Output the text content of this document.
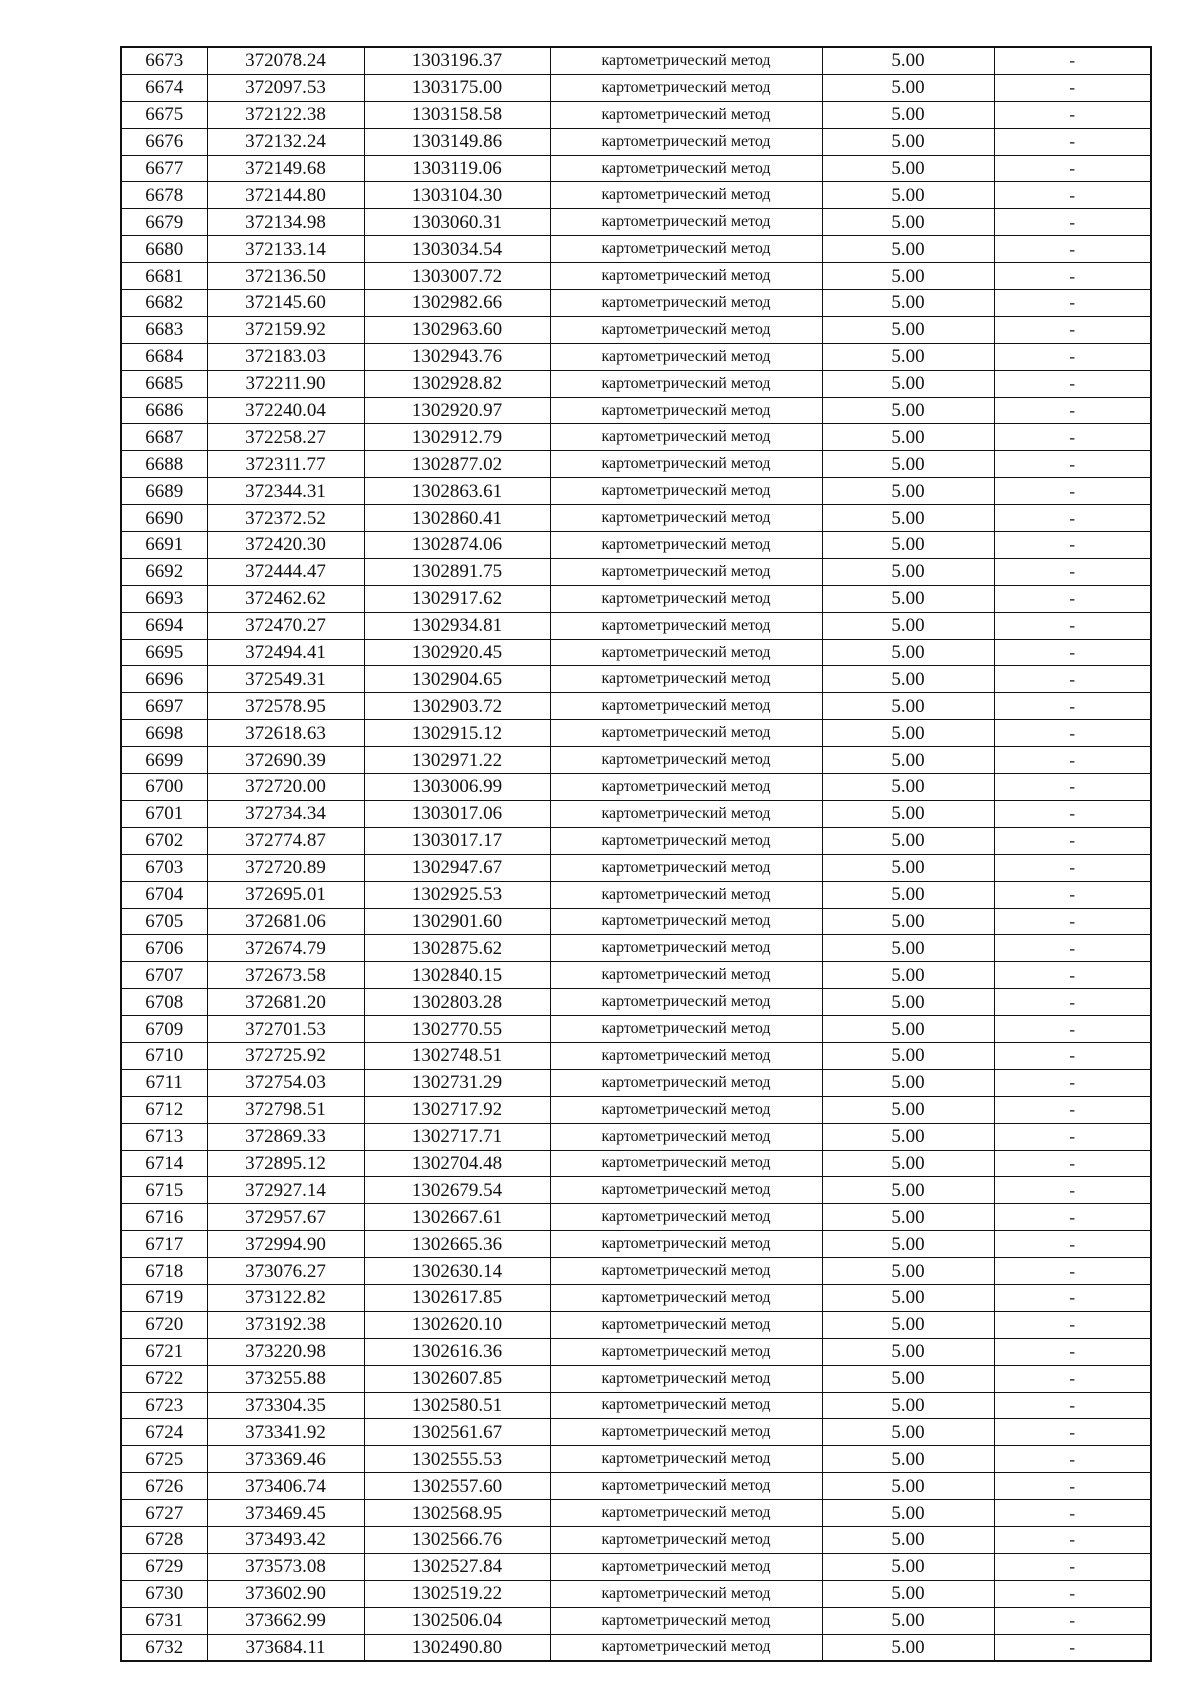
6673	372078.24	1303196.37	картометрический метод	5.00	-
6674	372097.53	1303175.00	картометрический метод	5.00	-
6675	372122.38	1303158.58	картометрический метод	5.00	-
6676	372132.24	1303149.86	картометрический метод	5.00	-
6677	372149.68	1303119.06	картометрический метод	5.00	-
6678	372144.80	1303104.30	картометрический метод	5.00	-
6679	372134.98	1303060.31	картометрический метод	5.00	-
6680	372133.14	1303034.54	картометрический метод	5.00	-
6681	372136.50	1303007.72	картометрический метод	5.00	-
6682	372145.60	1302982.66	картометрический метод	5.00	-
6683	372159.92	1302963.60	картометрический метод	5.00	-
6684	372183.03	1302943.76	картометрический метод	5.00	-
6685	372211.90	1302928.82	картометрический метод	5.00	-
6686	372240.04	1302920.97	картометрический метод	5.00	-
6687	372258.27	1302912.79	картометрический метод	5.00	-
6688	372311.77	1302877.02	картометрический метод	5.00	-
6689	372344.31	1302863.61	картометрический метод	5.00	-
6690	372372.52	1302860.41	картометрический метод	5.00	-
6691	372420.30	1302874.06	картометрический метод	5.00	-
6692	372444.47	1302891.75	картометрический метод	5.00	-
6693	372462.62	1302917.62	картометрический метод	5.00	-
6694	372470.27	1302934.81	картометрический метод	5.00	-
6695	372494.41	1302920.45	картометрический метод	5.00	-
6696	372549.31	1302904.65	картометрический метод	5.00	-
6697	372578.95	1302903.72	картометрический метод	5.00	-
6698	372618.63	1302915.12	картометрический метод	5.00	-
6699	372690.39	1302971.22	картометрический метод	5.00	-
6700	372720.00	1303006.99	картометрический метод	5.00	-
6701	372734.34	1303017.06	картометрический метод	5.00	-
6702	372774.87	1303017.17	картометрический метод	5.00	-
6703	372720.89	1302947.67	картометрический метод	5.00	-
6704	372695.01	1302925.53	картометрический метод	5.00	-
6705	372681.06	1302901.60	картометрический метод	5.00	-
6706	372674.79	1302875.62	картометрический метод	5.00	-
6707	372673.58	1302840.15	картометрический метод	5.00	-
6708	372681.20	1302803.28	картометрический метод	5.00	-
6709	372701.53	1302770.55	картометрический метод	5.00	-
6710	372725.92	1302748.51	картометрический метод	5.00	-
6711	372754.03	1302731.29	картометрический метод	5.00	-
6712	372798.51	1302717.92	картометрический метод	5.00	-
6713	372869.33	1302717.71	картометрический метод	5.00	-
6714	372895.12	1302704.48	картометрический метод	5.00	-
6715	372927.14	1302679.54	картометрический метод	5.00	-
6716	372957.67	1302667.61	картометрический метод	5.00	-
6717	372994.90	1302665.36	картометрический метод	5.00	-
6718	373076.27	1302630.14	картометрический метод	5.00	-
6719	373122.82	1302617.85	картометрический метод	5.00	-
6720	373192.38	1302620.10	картометрический метод	5.00	-
6721	373220.98	1302616.36	картометрический метод	5.00	-
6722	373255.88	1302607.85	картометрический метод	5.00	-
6723	373304.35	1302580.51	картометрический метод	5.00	-
6724	373341.92	1302561.67	картометрический метод	5.00	-
6725	373369.46	1302555.53	картометрический метод	5.00	-
6726	373406.74	1302557.60	картометрический метод	5.00	-
6727	373469.45	1302568.95	картометрический метод	5.00	-
6728	373493.42	1302566.76	картометрический метод	5.00	-
6729	373573.08	1302527.84	картометрический метод	5.00	-
6730	373602.90	1302519.22	картометрический метод	5.00	-
6731	373662.99	1302506.04	картометрический метод	5.00	-
6732	373684.11	1302490.80	картометрический метод	5.00	-
